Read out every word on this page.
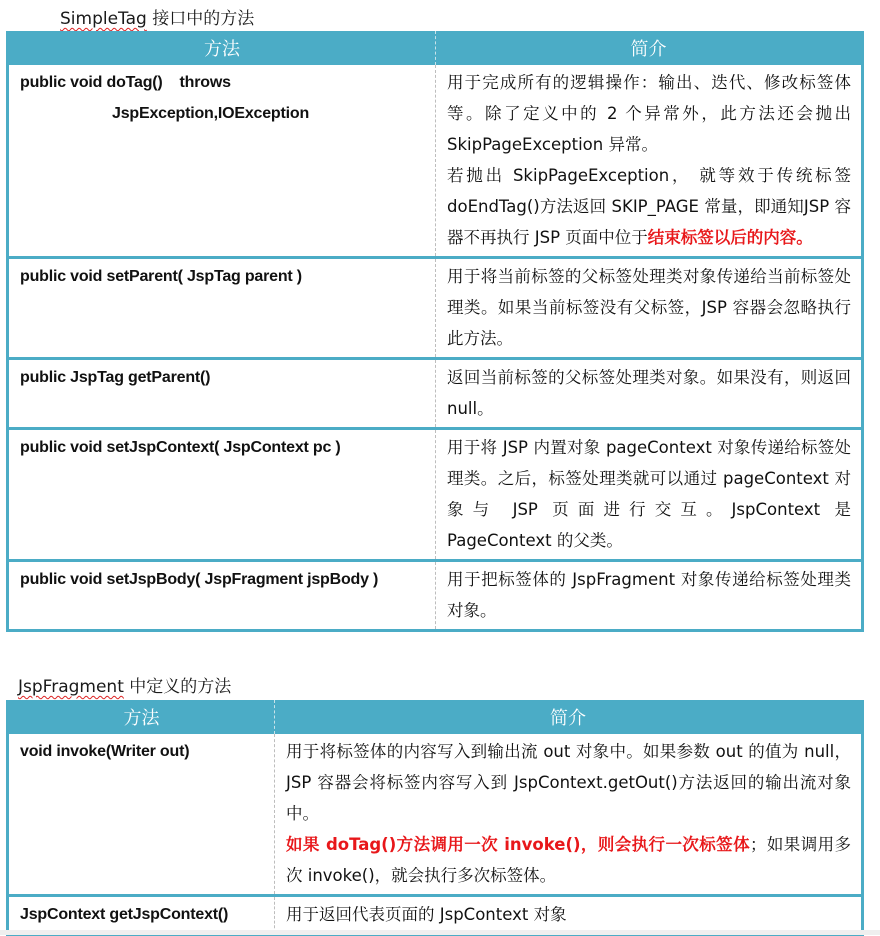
SimpleTag 接口中的方法
方法	简介
public void doTag()    throws
JspException,IOException	用于完成所有的逻辑操作：输出、迭代、修改标签体等。除了定义中的 2 个异常外，此方法还会抛出 SkipPageException 异常。
若抛出 SkipPageException， 就等效于传统标签 doEndTag()方法返回 SKIP_PAGE 常量，即通知JSP 容器不再执行 JSP 页面中位于结束标签以后的内容。
public void setParent( JspTag parent )	用于将当前标签的父标签处理类对象传递给当前标签处理类。如果当前标签没有父标签，JSP 容器会忽略执行此方法。
public JspTag getParent()	返回当前标签的父标签处理类对象。如果没有，则返回 null。
public void setJspContext( JspContext pc )	用于将 JSP 内置对象 pageContext 对象传递给标签处理类。之后，标签处理类就可以通过 pageContext 对象与 JSP 页面进行交互。JspContext 是 PageContext 的父类。
public void setJspBody( JspFragment jspBody )	用于把标签体的 JspFragment 对象传递给标签处理类对象。
JspFragment 中定义的方法
方法	简介
void invoke(Writer out)	用于将标签体的内容写入到输出流 out 对象中。如果参数 out 的值为 null，JSP 容器会将标签内容写入到 JspContext.getOut()方法返回的输出流对象中。
如果 doTag()方法调用一次 invoke()，则会执行一次标签体；如果调用多次 invoke()，就会执行多次标签体。
JspContext getJspContext()	用于返回代表页面的 JspContext 对象
